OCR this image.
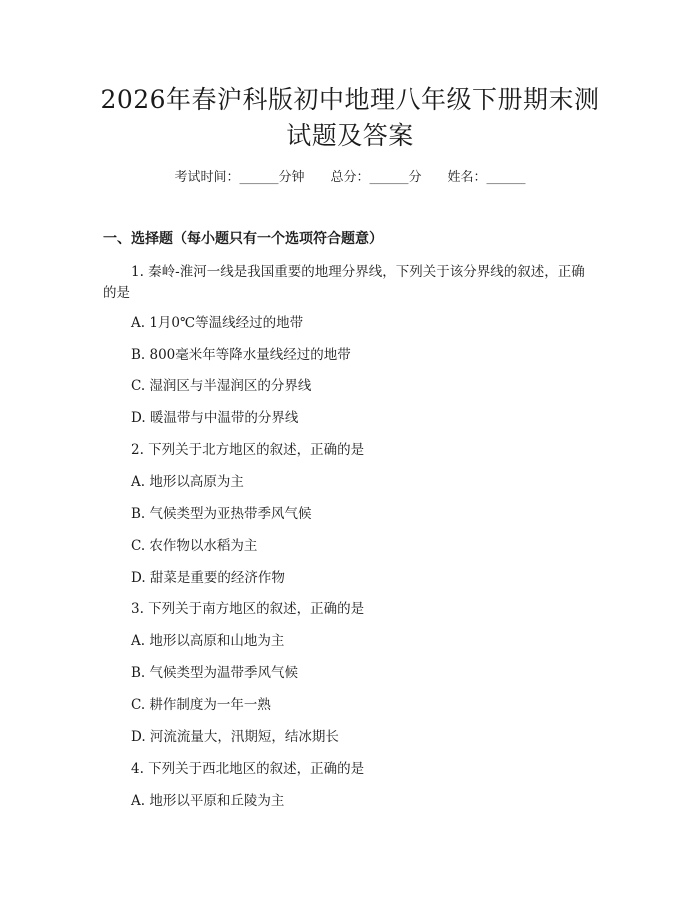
2026年春沪科版初中地理八年级下册期末测
试题及答案
考试时间：______分钟 总分：______分 姓名：______
一、选择题（每小题只有一个选项符合题意）
1. 秦岭-淮河一线是我国重要的地理分界线，下列关于该分界线的叙述，正确
的是
A. 1月0℃等温线经过的地带
B. 800毫米年等降水量线经过的地带
C. 湿润区与半湿润区的分界线
D. 暖温带与中温带的分界线
2. 下列关于北方地区的叙述，正确的是
A. 地形以高原为主
B. 气候类型为亚热带季风气候
C. 农作物以水稻为主
D. 甜菜是重要的经济作物
3. 下列关于南方地区的叙述，正确的是
A. 地形以高原和山地为主
B. 气候类型为温带季风气候
C. 耕作制度为一年一熟
D. 河流流量大，汛期短，结冰期长
4. 下列关于西北地区的叙述，正确的是
A. 地形以平原和丘陵为主
